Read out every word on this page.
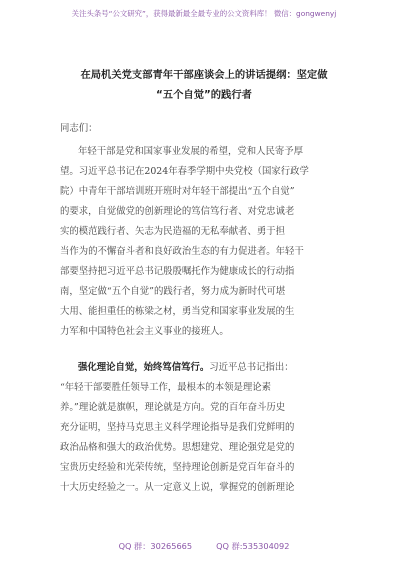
关注头条号“公文研究”，获得最新最全最专业的公文资料库！ 微信：gongwenyj
在局机关党支部青年干部座谈会上的讲话提纲：坚定做
“五个自觉”的践行者
同志们：
年轻干部是党和国家事业发展的希望，党和人民寄予厚
望。习近平总书记在2024年春季学期中央党校（国家行政学
院）中青年干部培训班开班时对年轻干部提出“五个自觉”
的要求，自觉做党的创新理论的笃信笃行者、对党忠诚老
实的模范践行者、矢志为民造福的无私奉献者、勇于担
当作为的不懈奋斗者和良好政治生态的有力促进者。年轻干
部要坚持把习近平总书记殷殷嘱托作为健康成长的行动指
南，坚定做“五个自觉”的践行者，努力成为新时代可堪
大用、能担重任的栋梁之材，勇当党和国家事业发展的生
力军和中国特色社会主义事业的接班人。
强化理论自觉，始终笃信笃行。习近平总书记指出：
“年轻干部要胜任领导工作，最根本的本领是理论素
养。”理论就是旗帜，理论就是方向。党的百年奋斗历史
充分证明，坚持马克思主义科学理论指导是我们党鲜明的
政治品格和强大的政治优势。思想建党、理论强党是党的
宝贵历史经验和光荣传统，坚持理论创新是党百年奋斗的
十大历史经验之一。从一定意义上说，掌握党的创新理论
QQ 群：30265665	QQ 群:535304092
